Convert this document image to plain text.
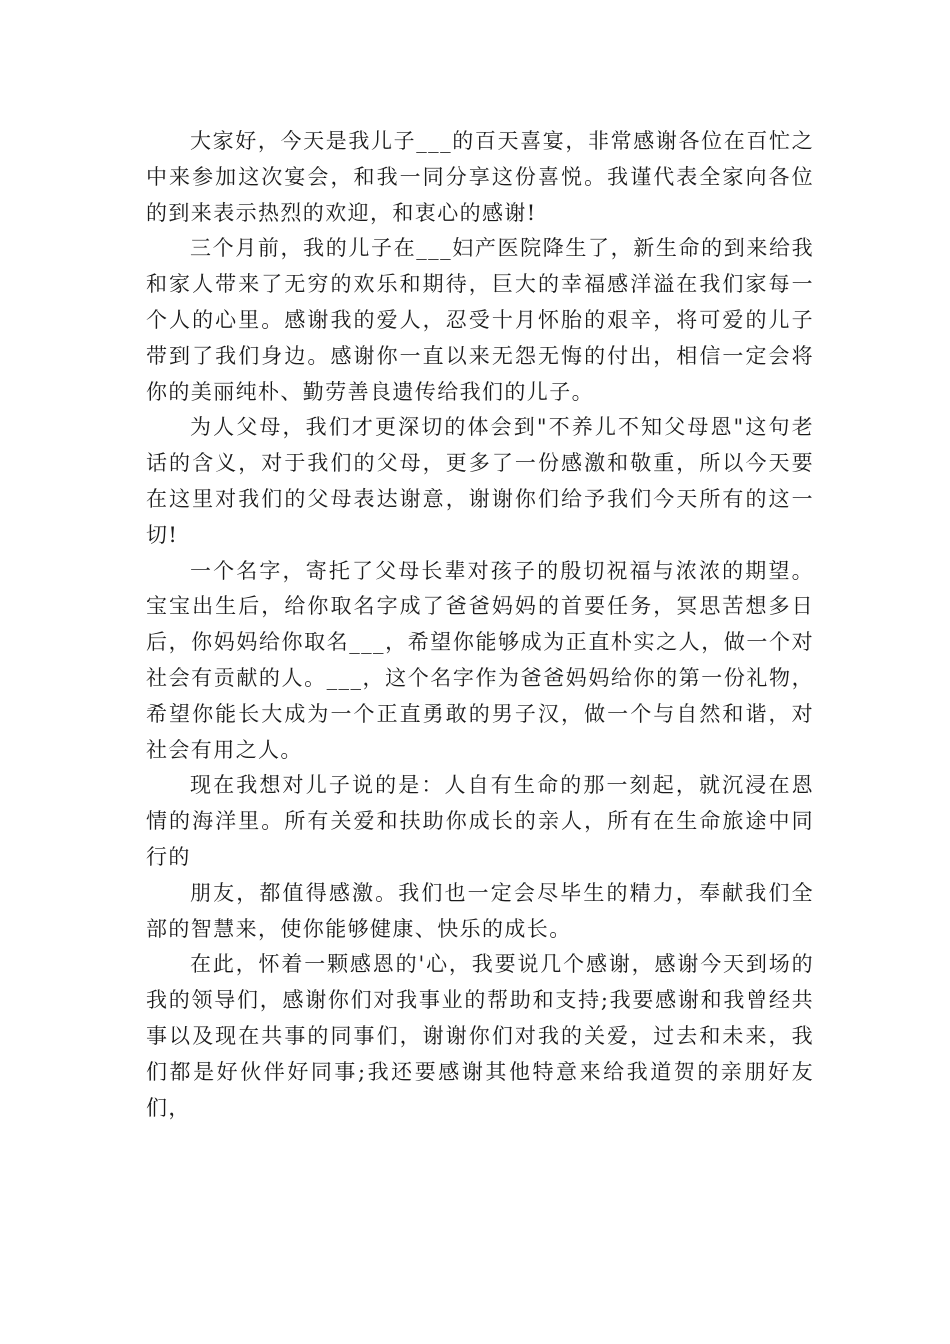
大家好，今天是我儿子___的百天喜宴，非常感谢各位在百忙之中来参加这次宴会，和我一同分享这份喜悦。我谨代表全家向各位的到来表示热烈的欢迎，和衷心的感谢!

三个月前，我的儿子在___妇产医院降生了，新生命的到来给我和家人带来了无穷的欢乐和期待，巨大的幸福感洋溢在我们家每一个人的心里。感谢我的爱人，忍受十月怀胎的艰辛，将可爱的儿子带到了我们身边。感谢你一直以来无怨无悔的付出，相信一定会将你的美丽纯朴、勤劳善良遗传给我们的儿子。

为人父母，我们才更深切的体会到"不养儿不知父母恩"这句老话的含义，对于我们的父母，更多了一份感激和敬重，所以今天要在这里对我们的父母表达谢意，谢谢你们给予我们今天所有的这一切!

一个名字，寄托了父母长辈对孩子的殷切祝福与浓浓的期望。宝宝出生后，给你取名字成了爸爸妈妈的首要任务，冥思苦想多日后，你妈妈给你取名___，希望你能够成为正直朴实之人，做一个对社会有贡献的人。___，这个名字作为爸爸妈妈给你的第一份礼物，希望你能长大成为一个正直勇敢的男子汉，做一个与自然和谐，对社会有用之人。

现在我想对儿子说的是：人自有生命的那一刻起，就沉浸在恩情的海洋里。所有关爱和扶助你成长的亲人，所有在生命旅途中同行的

朋友，都值得感激。我们也一定会尽毕生的精力，奉献我们全部的智慧来，使你能够健康、快乐的成长。

在此，怀着一颗感恩的'心，我要说几个感谢，感谢今天到场的我的领导们，感谢你们对我事业的帮助和支持;我要感谢和我曾经共事以及现在共事的同事们，谢谢你们对我的关爱，过去和未来，我们都是好伙伴好同事;我还要感谢其他特意来给我道贺的亲朋好友们，
